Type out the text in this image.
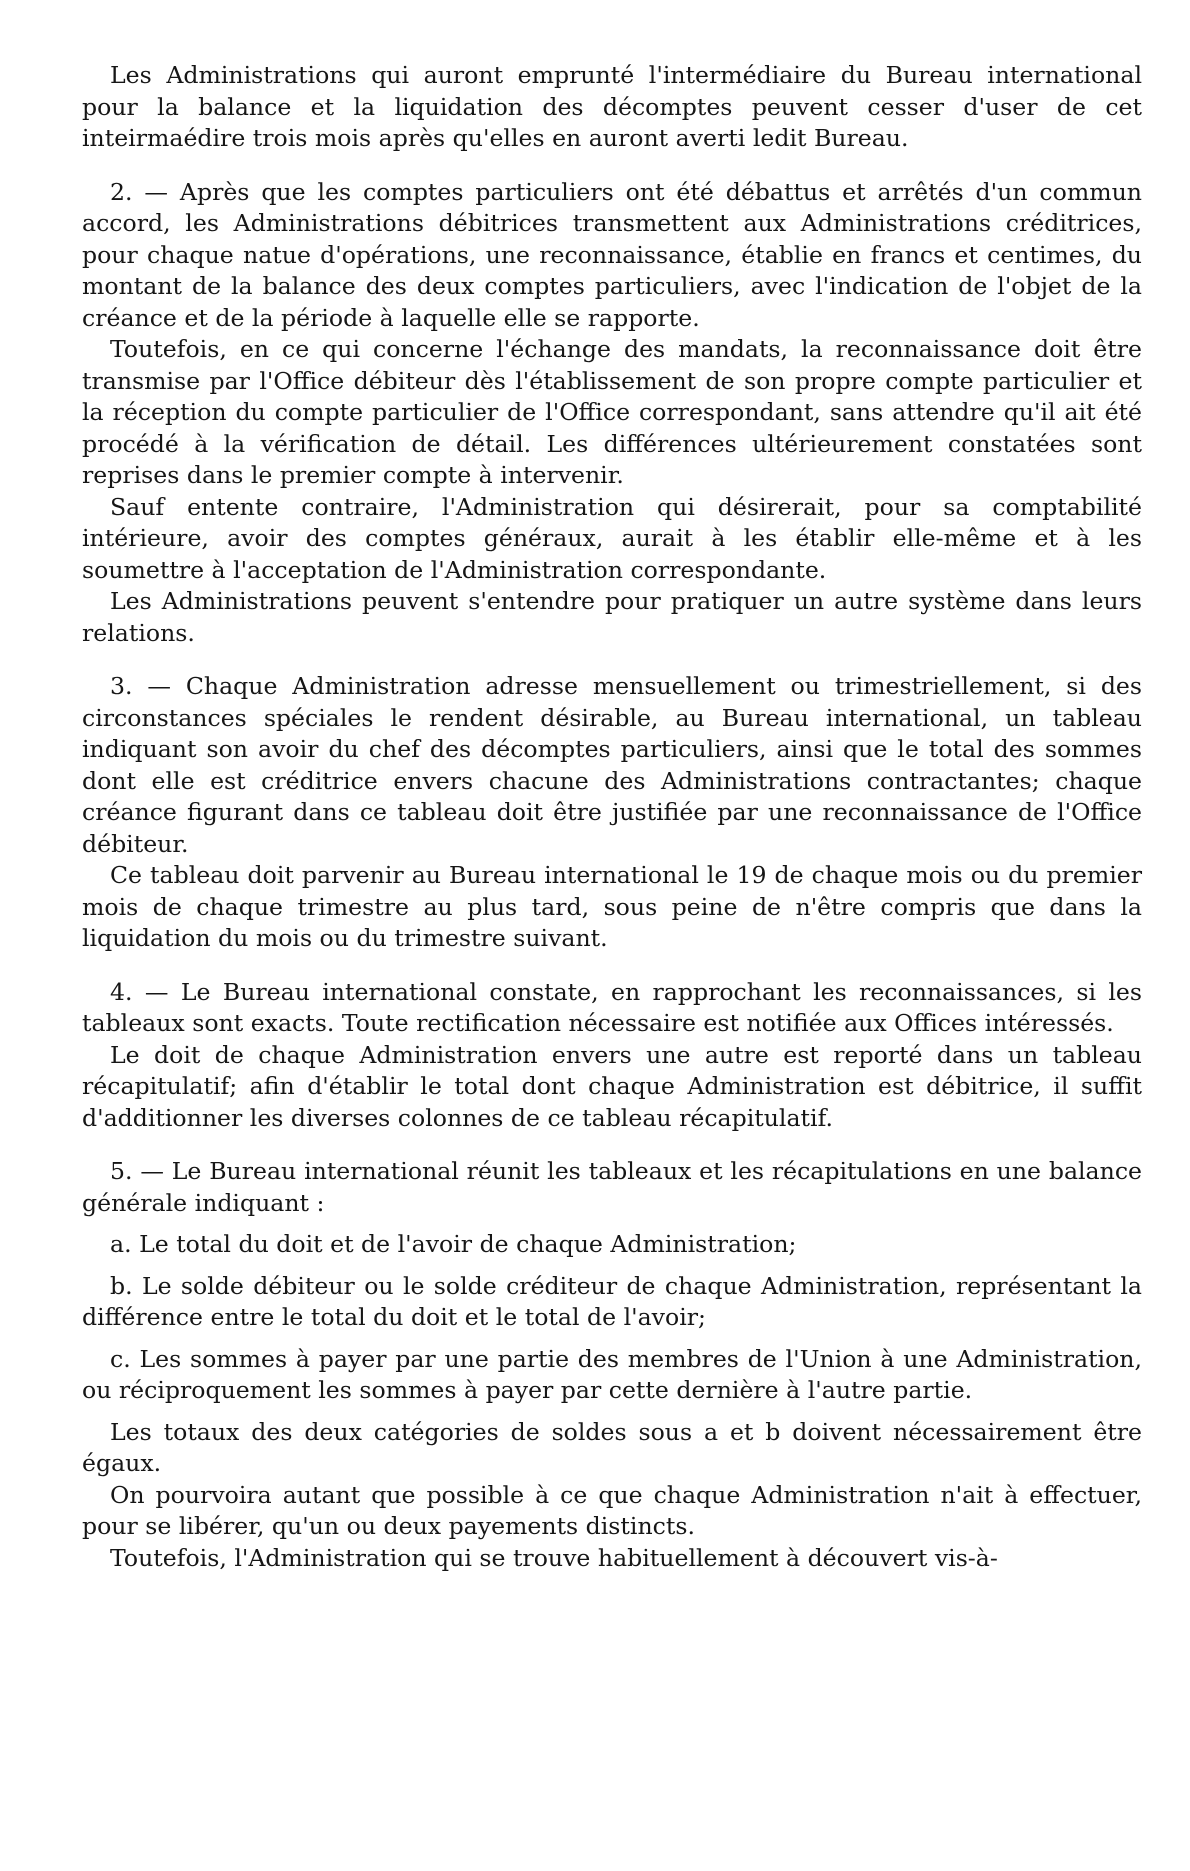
Les Administrations qui auront emprunté l'intermédiaire du Bureau international pour la balance et la liquidation des décomptes peuvent cesser d'user de cet inteirmaédire trois mois après qu'elles en auront averti ledit Bureau.

2. — Après que les comptes particuliers ont été débattus et arrêtés d'un commun accord, les Administrations débitrices transmettent aux Administrations créditrices, pour chaque natue d'opérations, une reconnaissance, établie en francs et centimes, du montant de la balance des deux comptes particuliers, avec l'indication de l'objet de la créance et de la période à laquelle elle se rapporte.

Toutefois, en ce qui concerne l'échange des mandats, la reconnaissance doit être transmise par l'Office débiteur dès l'établissement de son propre compte particulier et la réception du compte particulier de l'Office correspondant, sans attendre qu'il ait été procédé à la vérification de détail. Les différences ultérieurement constatées sont reprises dans le premier compte à intervenir.

Sauf entente contraire, l'Administration qui désirerait, pour sa comptabilité intérieure, avoir des comptes généraux, aurait à les établir elle-même et à les soumettre à l'acceptation de l'Administration correspondante.

Les Administrations peuvent s'entendre pour pratiquer un autre système dans leurs relations.

3. — Chaque Administration adresse mensuellement ou trimestriellement, si des circonstances spéciales le rendent désirable, au Bureau international, un tableau indiquant son avoir du chef des décomptes particuliers, ainsi que le total des sommes dont elle est créditrice envers chacune des Administrations contractantes; chaque créance figurant dans ce tableau doit être justifiée par une reconnaissance de l'Office débiteur.

Ce tableau doit parvenir au Bureau international le 19 de chaque mois ou du premier mois de chaque trimestre au plus tard, sous peine de n'être compris que dans la liquidation du mois ou du trimestre suivant.

4. — Le Bureau international constate, en rapprochant les reconnaissances, si les tableaux sont exacts. Toute rectification nécessaire est notifiée aux Offices intéressés.

Le doit de chaque Administration envers une autre est reporté dans un tableau récapitulatif; afin d'établir le total dont chaque Administration est débitrice, il suffit d'additionner les diverses colonnes de ce tableau récapitulatif.

5. — Le Bureau international réunit les tableaux et les récapitulations en une balance générale indiquant :

a. Le total du doit et de l'avoir de chaque Administration;

b. Le solde débiteur ou le solde créditeur de chaque Administration, représentant la différence entre le total du doit et le total de l'avoir;

c. Les sommes à payer par une partie des membres de l'Union à une Administration, ou réciproquement les sommes à payer par cette dernière à l'autre partie.

Les totaux des deux catégories de soldes sous a et b doivent nécessairement être égaux.

On pourvoira autant que possible à ce que chaque Administration n'ait à effectuer, pour se libérer, qu'un ou deux payements distincts.

Toutefois, l'Administration qui se trouve habituellement à découvert vis-à-
